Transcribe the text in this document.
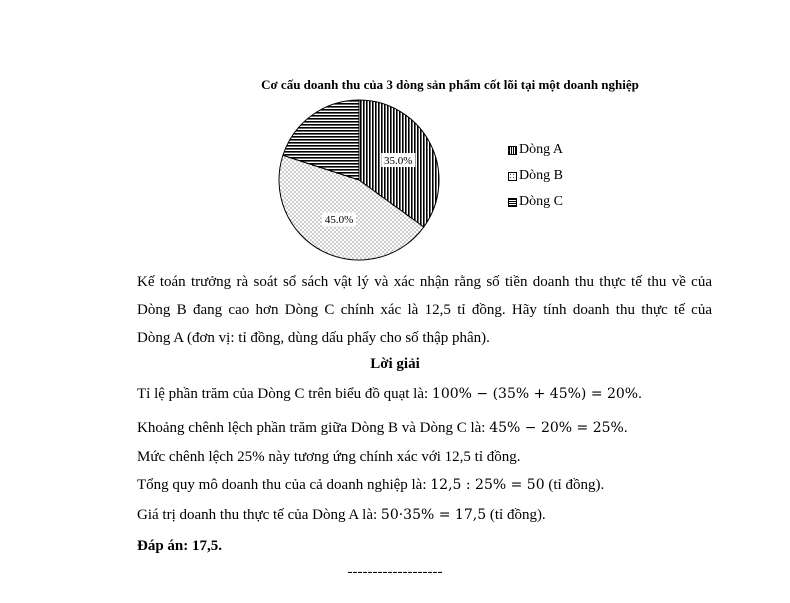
Cơ cấu doanh thu của 3 dòng sản phẩm cốt lõi tại một doanh nghiệp
35.0%
45.0%
Dòng A
Dòng B
Dòng C
Kế toán trưởng rà soát sổ sách vật lý và xác nhận rằng số tiền doanh thu thực tế thu về của
Dòng B đang cao hơn Dòng C chính xác là 12,5 tỉ đồng. Hãy tính doanh thu thực tế của
Dòng A (đơn vị: tỉ đồng, dùng dấu phẩy cho số thập phân).
Lời giải
Tỉ lệ phần trăm của Dòng C trên biểu đồ quạt là: 100% − (35% + 45%) = 20%.
Khoảng chênh lệch phần trăm giữa Dòng B và Dòng C là: 45% − 20% = 25%.
Mức chênh lệch 25% này tương ứng chính xác với 12,5 tỉ đồng.
Tổng quy mô doanh thu của cả doanh nghiệp là: 12,5 : 25% = 50 (tỉ đồng).
Giá trị doanh thu thực tế của Dòng A là: 50·35% = 17,5 (tỉ đồng).
Đáp án: 17,5.
-------------------
